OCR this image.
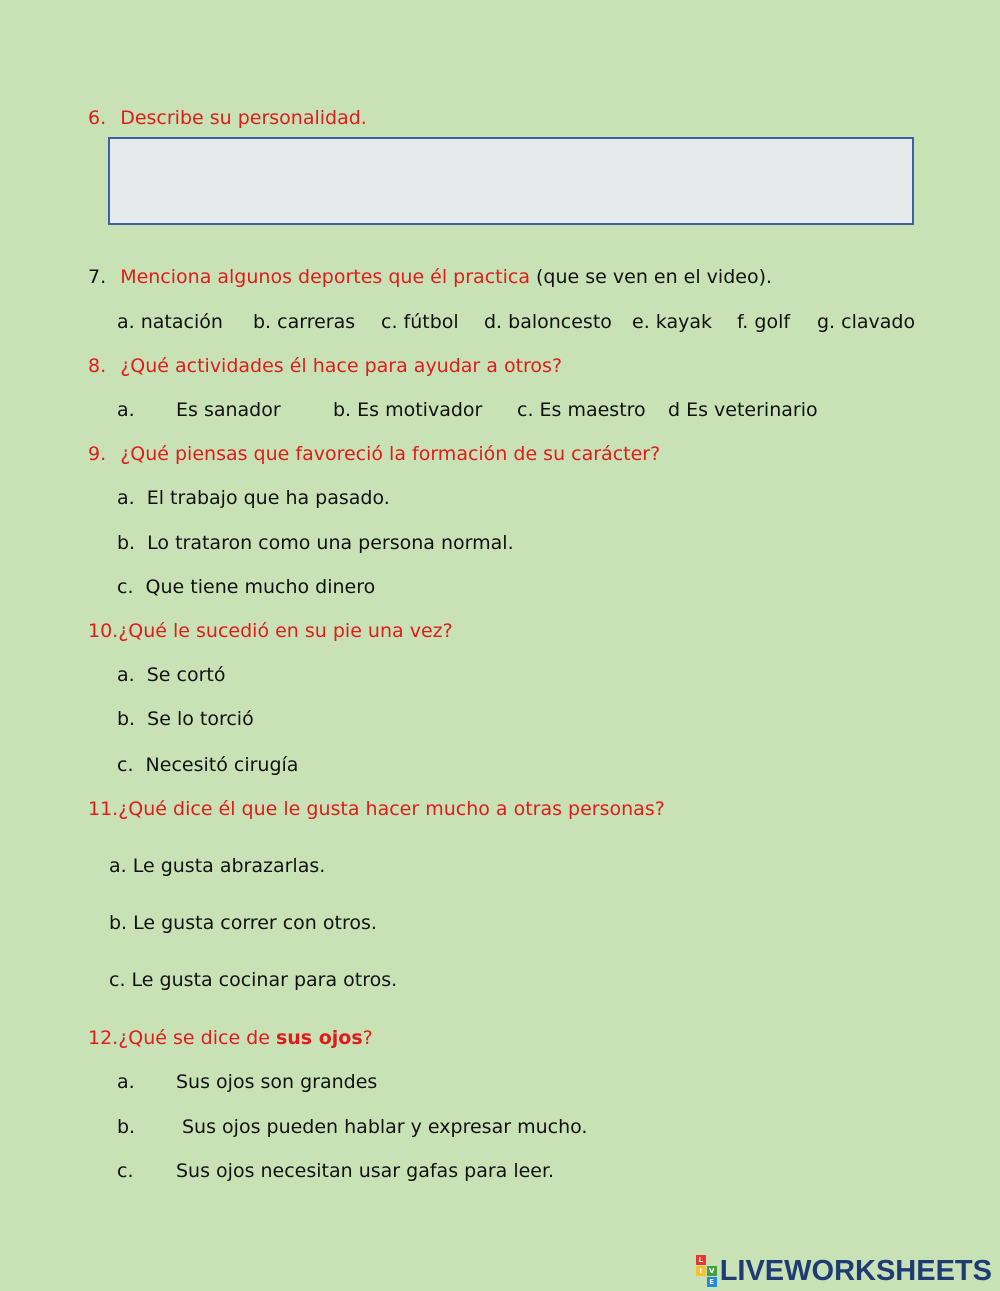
6. Describe su personalidad.
7. Menciona algunos deportes que él practica (que se ven en el video).
a. natación b. carreras c. fútbol d. baloncesto e. kayak f. golf g. clavado
8. ¿Qué actividades él hace para ayudar a otros?
a. Es sanador	b. Es motivador c. Es maestro d Es veterinario
9. ¿Qué piensas que favoreció la formación de su carácter?
a. El trabajo que ha pasado.
b. Lo trataron como una persona normal.
c. Que tiene mucho dinero
10.¿Qué le sucedió en su pie una vez?
a. Se cortó
b. Se lo torció
c. Necesitó cirugía
11.¿Qué dice él que le gusta hacer mucho a otras personas?
a. Le gusta abrazarlas.
b. Le gusta correr con otros.
c. Le gusta cocinar para otros.
12.¿Qué se dice de sus ojos?
a. Sus ojos son grandes
b. Sus ojos pueden hablar y expresar mucho.
c. Sus ojos necesitan usar gafas para leer.
L
I V
E LIVEWORKSHEETS
